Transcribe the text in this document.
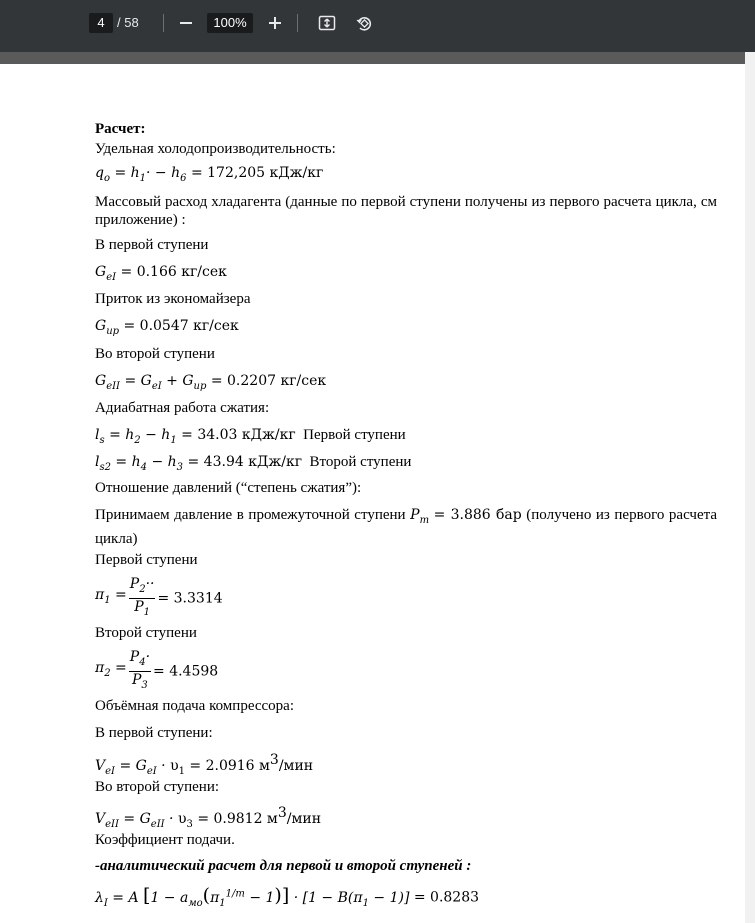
4 / 58	100%
Расчет:
Удельная холодопроизводительность:
$q_o = h_1\cdot - h_6 = 172,205$ кДж/кг
Массовый расход хладагента (данные по первой ступени получены из первого расчета цикла, см приложение) :
В первой ступени
$G_{eI} = 0.166$ кг/сек
Приток из экономайзера
$G_{up} = 0.0547$ кг/сек
Во второй ступени
$G_{eII} = G_{eI} + G_{up} = 0.2207$ кг/сек
Адиабатная работа сжатия:
$l_s = h_2 - h_1 = 34.03$ кДж/кг Первой ступени
$l_{s2} = h_4 - h_3 = 43.94$ кДж/кг Второй ступени
Отношение давлений (“степень сжатия”):
Принимаем давление в промежуточной ступени $P_т = 3.886$ бар (получено из первого расчета цикла)
Первой ступени
$\pi_1 = \frac{P_2\cdot\cdot}{P_1} = 3.3314$
Второй ступени
$\pi_2 = \frac{P_4\cdot}{P_3} = 4.4598$
Объёмная подача компрессора:
В первой ступени:
$V_{eI} = G_{eI} \cdot \upsilon_1 = 2.0916$ $м^3$/мин
Во второй ступени:
$V_{eII} = G_{eII} \cdot \upsilon_3 = 0.9812$ $м^3$/мин
Коэффициент подачи.
-аналитический расчет для первой и второй ступеней :
$\lambda_I = A$ $[1 - a_{мо}(\pi_1^{1/m} - 1)] \cdot [1 - B(\pi_1 - 1)] = 0.8283$
